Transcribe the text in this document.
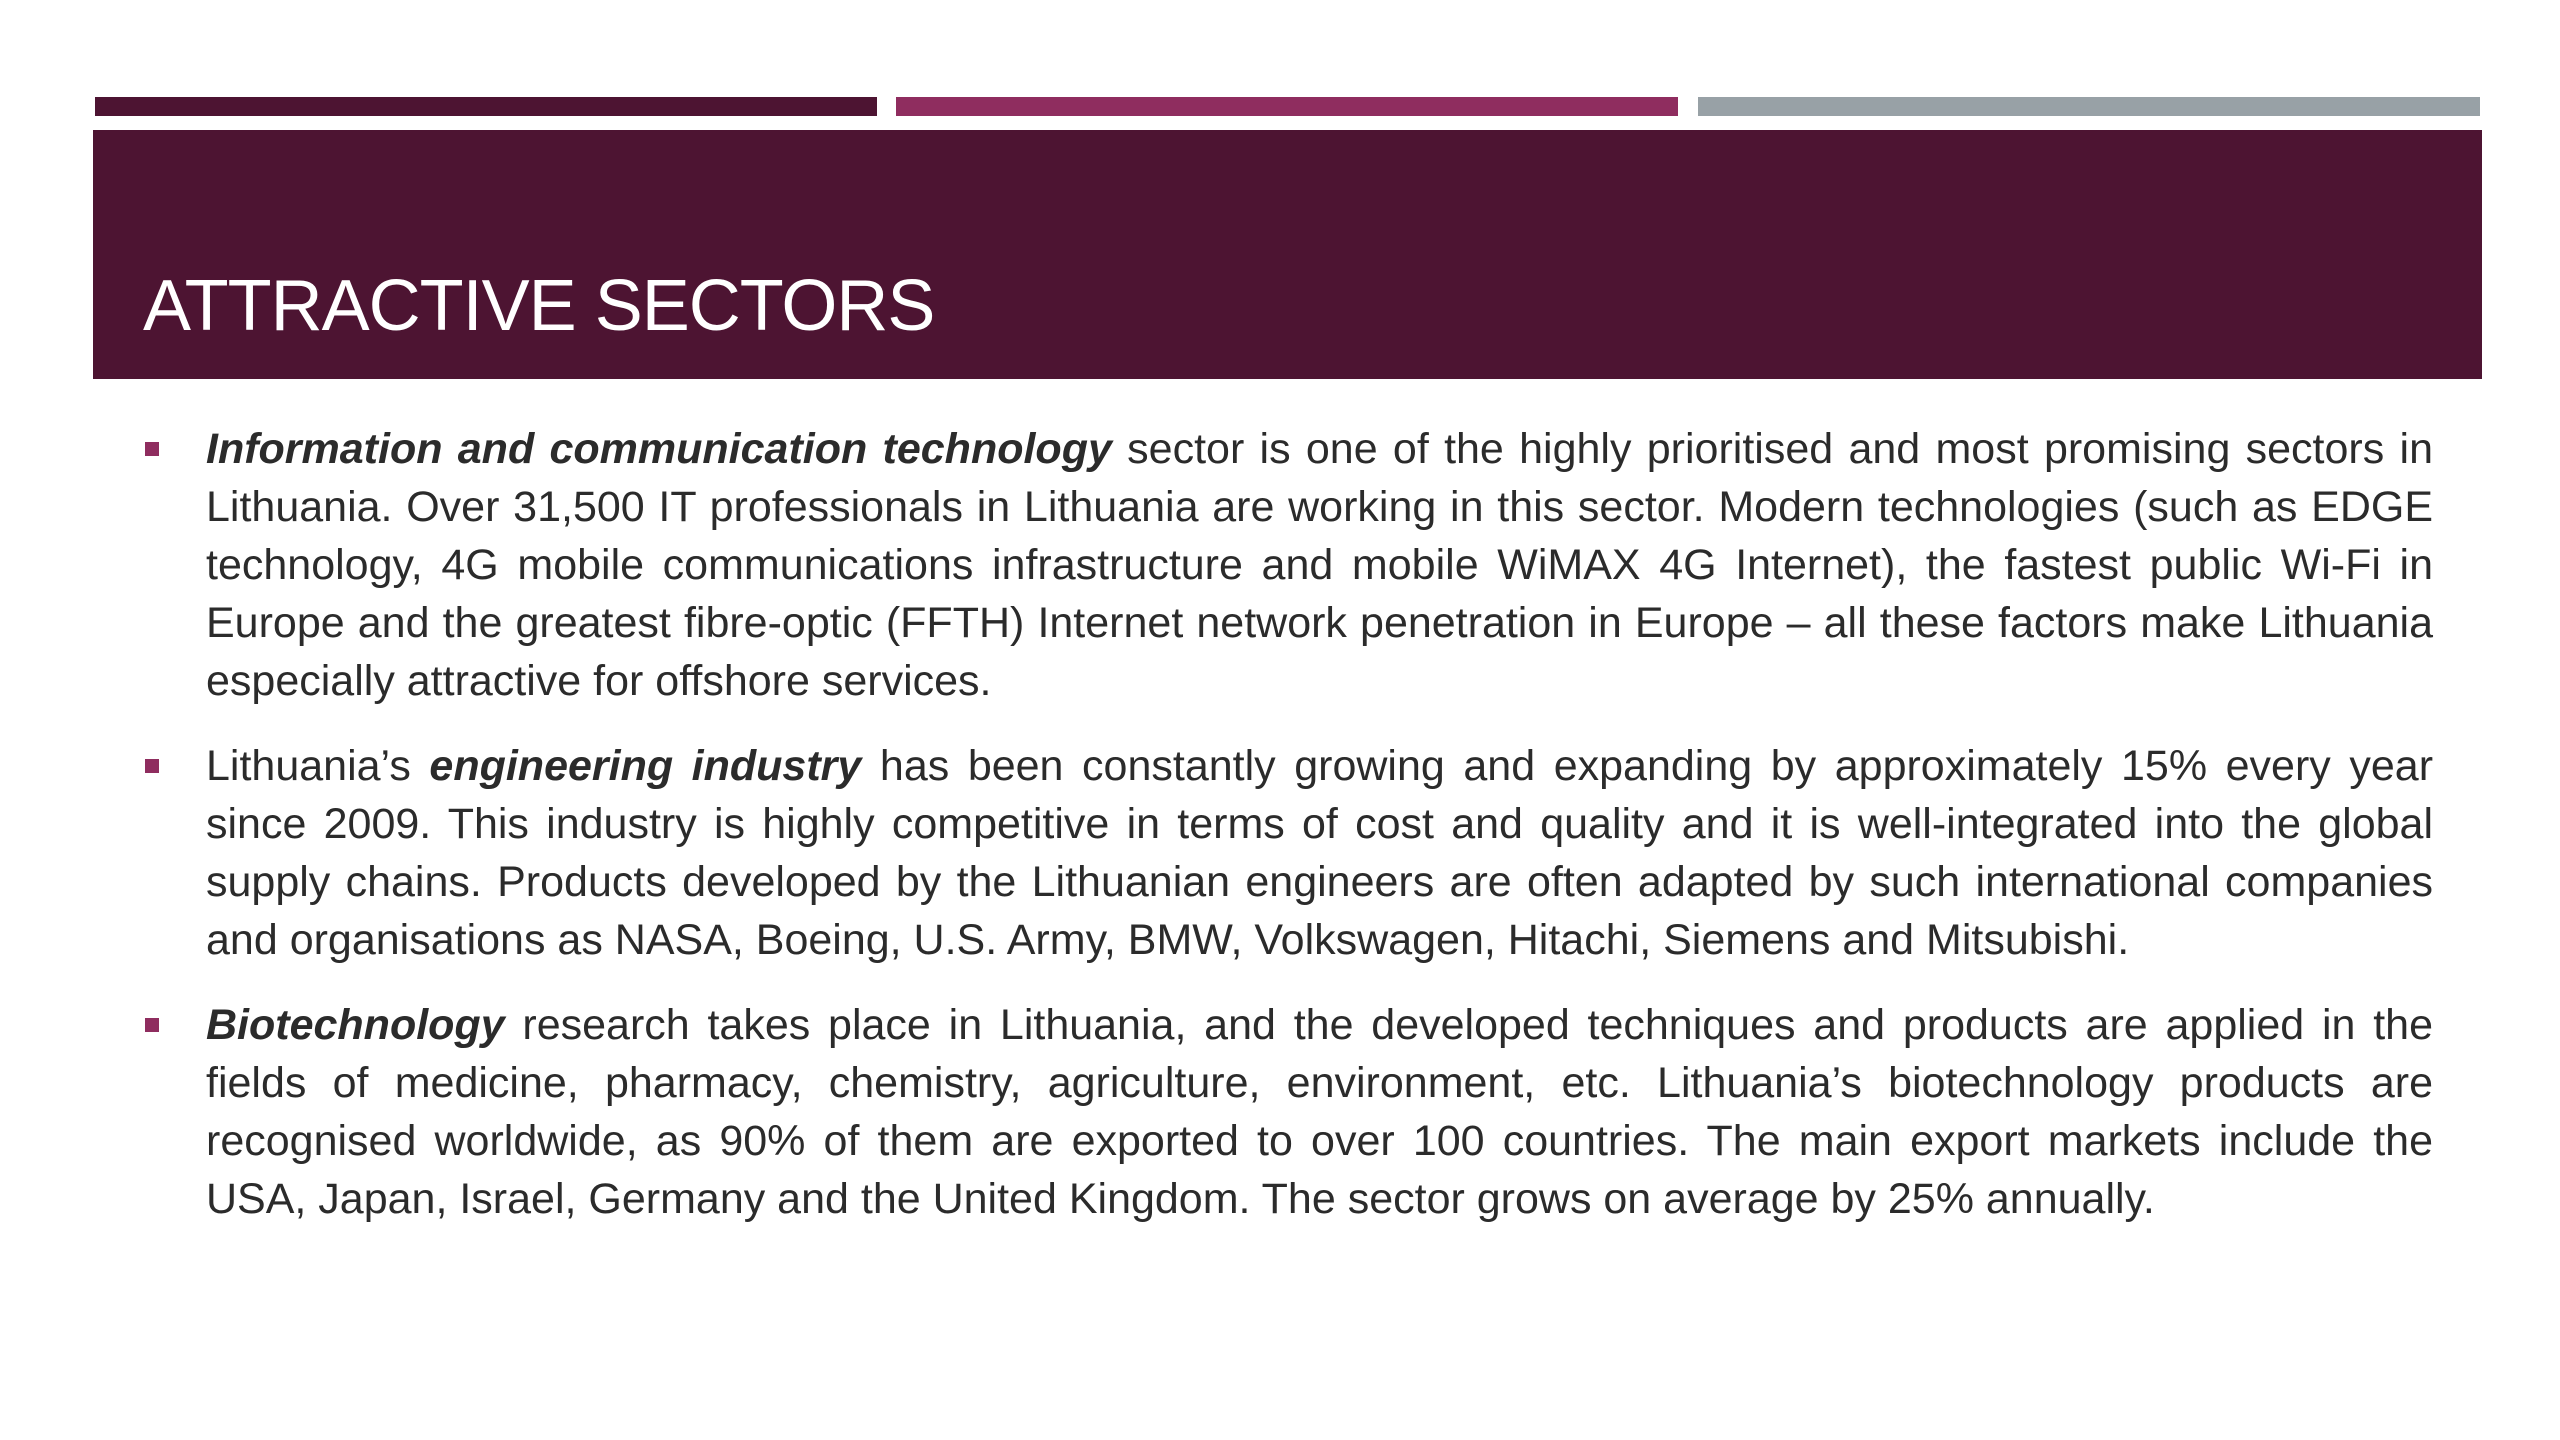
ATTRACTIVE SECTORS
Information and communication technology sector is one of the highly prioritised and most promising sectors in Lithuania. Over 31,500 IT professionals in Lithuania are working in this sector. Modern technologies (such as EDGE technology, 4G mobile communications infrastructure and mobile WiMAX 4G Internet), the fastest public Wi-Fi in Europe and the greatest fibre-optic (FFTH) Internet network penetration in Europe – all these factors make Lithuania especially attractive for offshore services.
Lithuania’s engineering industry has been constantly growing and expanding by approximately 15% every year since 2009. This industry is highly competitive in terms of cost and quality and it is well-integrated into the global supply chains. Products developed by the Lithuanian engineers are often adapted by such international companies and organisations as NASA, Boeing, U.S. Army, BMW, Volkswagen, Hitachi, Siemens and Mitsubishi.
Biotechnology research takes place in Lithuania, and the developed techniques and products are applied in the fields of medicine, pharmacy, chemistry, agriculture, environment, etc. Lithuania’s biotechnology products are recognised worldwide, as 90% of them are exported to over 100 countries. The main export markets include the USA, Japan, Israel, Germany and the United Kingdom. The sector grows on average by 25% annually.
